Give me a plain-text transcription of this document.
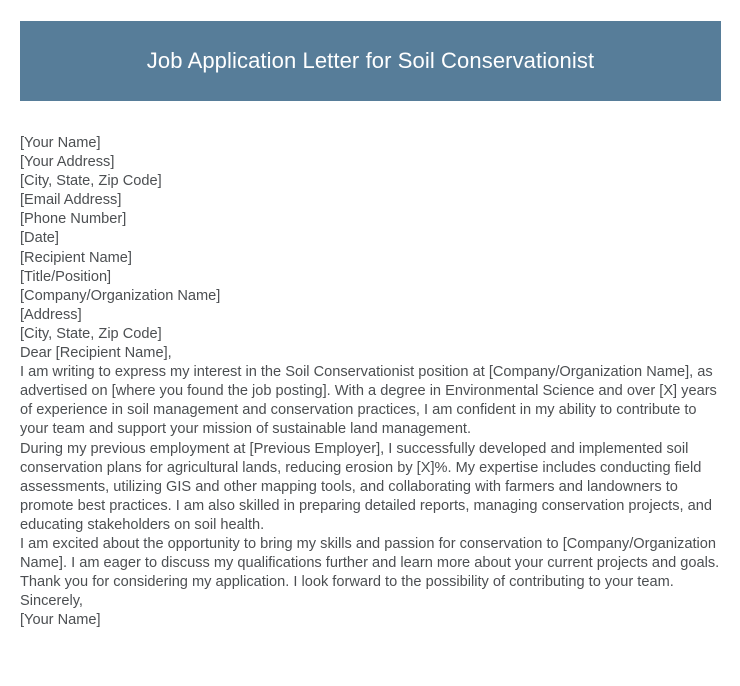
Job Application Letter for Soil Conservationist

[Your Name]

[Your Address]

[City, State, Zip Code]

[Email Address]

[Phone Number]

[Date]

[Recipient Name]

[Title/Position]

[Company/Organization Name]

[Address]

[City, State, Zip Code]

Dear [Recipient Name],

I am writing to express my interest in the Soil Conservationist position at [Company/Organization Name], as advertised on [where you found the job posting]. With a degree in Environmental Science and over [X] years of experience in soil management and conservation practices, I am confident in my ability to contribute to your team and support your mission of sustainable land management.

During my previous employment at [Previous Employer], I successfully developed and implemented soil conservation plans for agricultural lands, reducing erosion by [X]%. My expertise includes conducting field assessments, utilizing GIS and other mapping tools, and collaborating with farmers and landowners to promote best practices. I am also skilled in preparing detailed reports, managing conservation projects, and educating stakeholders on soil health.

I am excited about the opportunity to bring my skills and passion for conservation to [Company/Organization Name]. I am eager to discuss my qualifications further and learn more about your current projects and goals.

Thank you for considering my application. I look forward to the possibility of contributing to your team.

Sincerely,

[Your Name]
